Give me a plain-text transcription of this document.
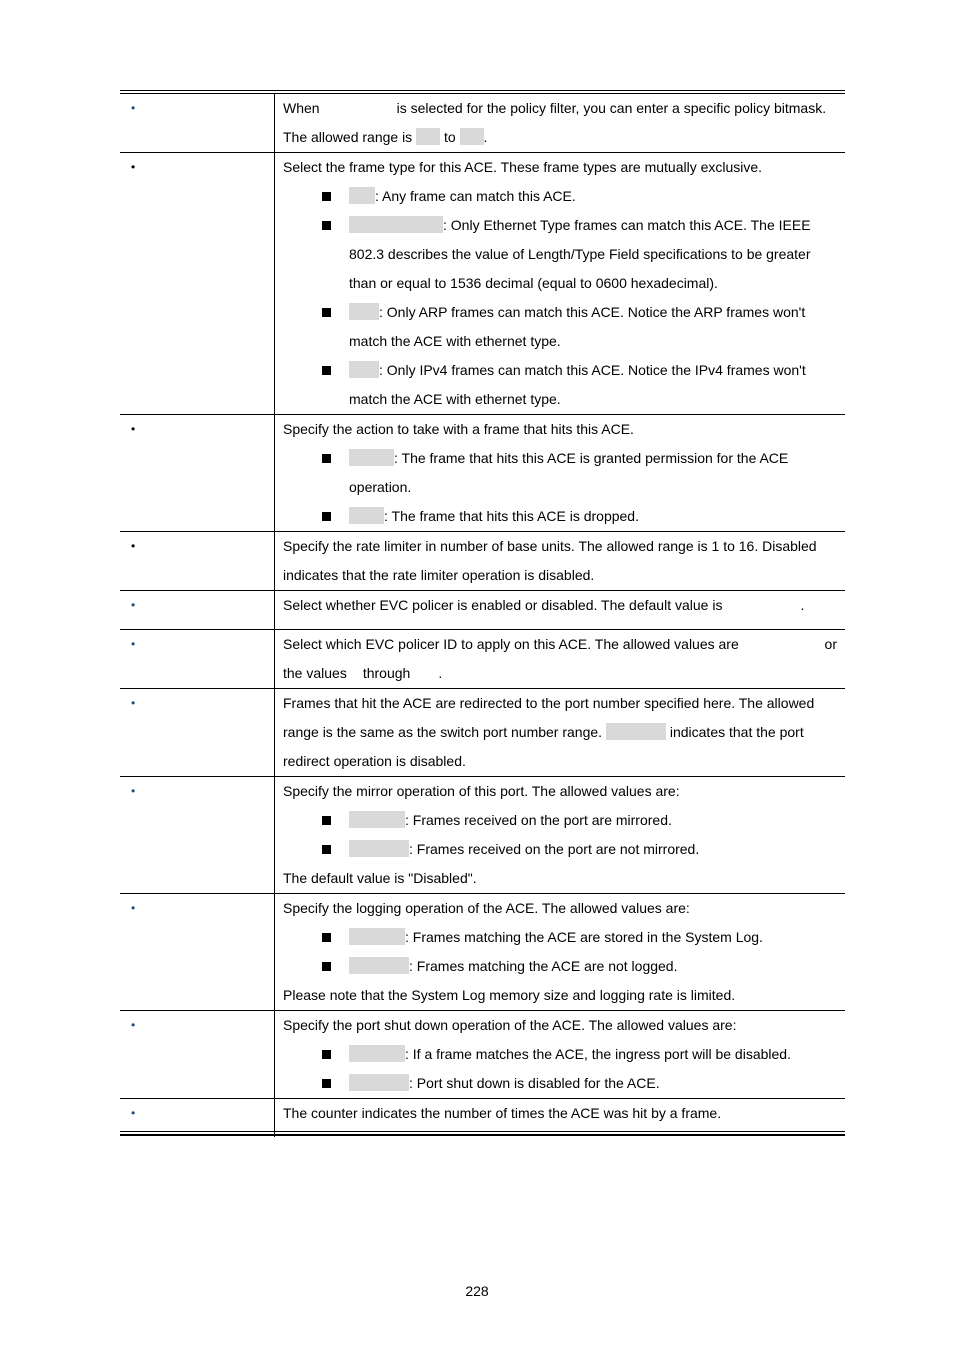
•	When	is selected for the policy filter, you can enter a specific policy bitmask.
The allowed range is to .
•	Select the frame type for this ACE. These frame types are mutually exclusive.
: Any frame can match this ACE.
: Only Ethernet Type frames can match this ACE. The IEEE
802.3 describes the value of Length/Type Field specifications to be greater
than or equal to 1536 decimal (equal to 0600 hexadecimal).
: Only ARP frames can match this ACE. Notice the ARP frames won't
match the ACE with ethernet type.
: Only IPv4 frames can match this ACE. Notice the IPv4 frames won't
match the ACE with ethernet type.
•	Specify the action to take with a frame that hits this ACE.
: The frame that hits this ACE is granted permission for the ACE
operation.
: The frame that hits this ACE is dropped.
•	Specify the rate limiter in number of base units. The allowed range is 1 to 16. Disabled
indicates that the rate limiter operation is disabled.
•	Select whether EVC policer is enabled or disabled. The default value is	.
•	Select which EVC policer ID to apply on this ACE. The allowed values are	or
the values through .
•	Frames that hit the ACE are redirected to the port number specified here. The allowed
range is the same as the switch port number range.	indicates that the port
redirect operation is disabled.
•	Specify the mirror operation of this port. The allowed values are:
: Frames received on the port are mirrored.
: Frames received on the port are not mirrored.
The default value is "Disabled".
•	Specify the logging operation of the ACE. The allowed values are:
: Frames matching the ACE are stored in the System Log.
: Frames matching the ACE are not logged.
Please note that the System Log memory size and logging rate is limited.
•	Specify the port shut down operation of the ACE. The allowed values are:
: If a frame matches the ACE, the ingress port will be disabled.
: Port shut down is disabled for the ACE.
•	The counter indicates the number of times the ACE was hit by a frame.
228
